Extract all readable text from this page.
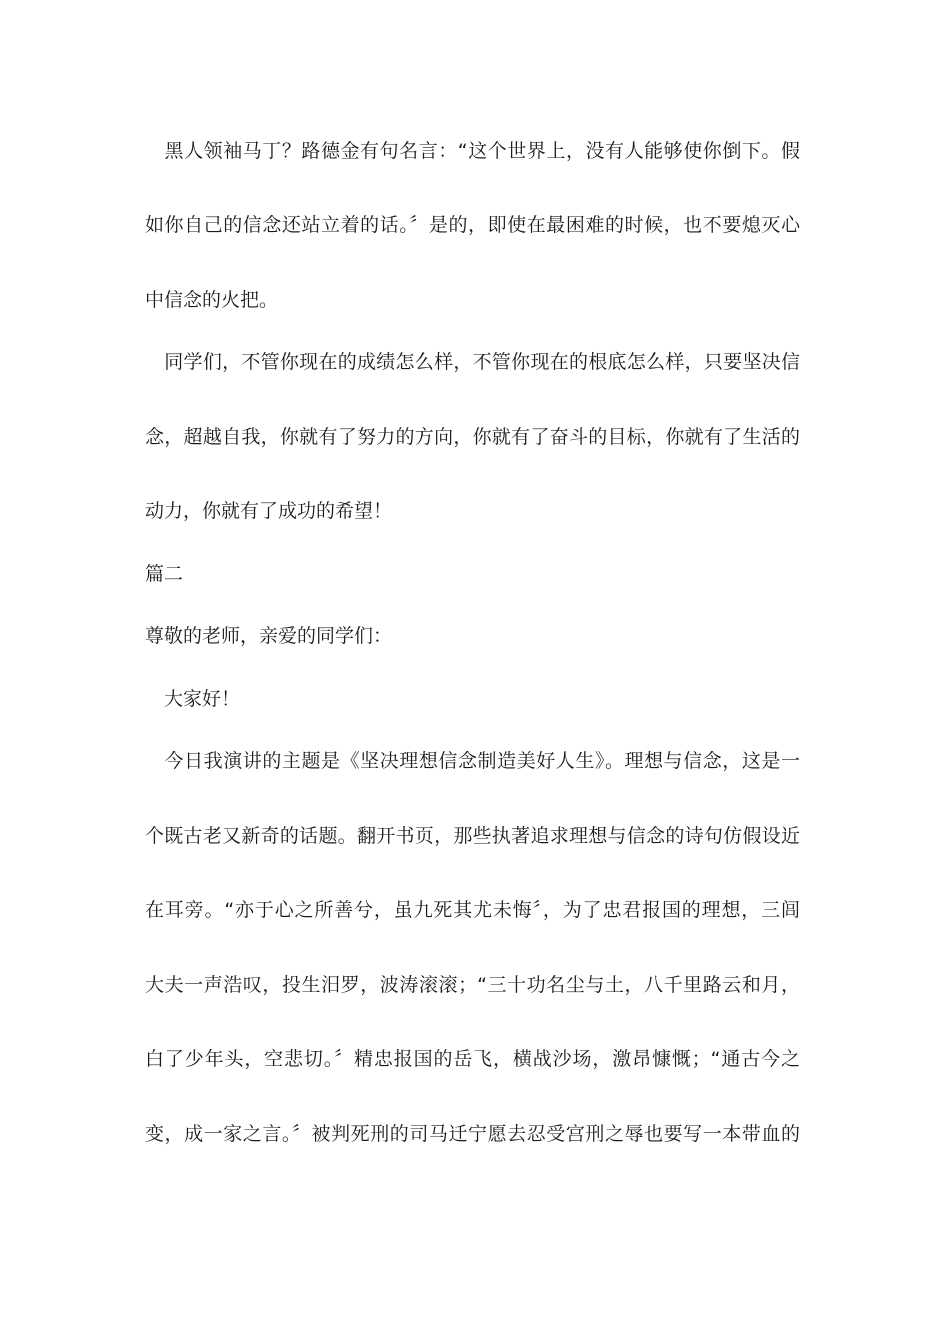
　黑人领袖马丁？路德金有句名言：“这个世界上，没有人能够使你倒下。假
如你自己的信念还站立着的话。〞是的，即使在最困难的时候，也不要熄灭心
中信念的火把。
　同学们，不管你现在的成绩怎么样，不管你现在的根底怎么样，只要坚决信
念，超越自我，你就有了努力的方向，你就有了奋斗的目标，你就有了生活的
动力，你就有了成功的希望！
篇二
尊敬的老师，亲爱的同学们：
　大家好！
　今日我演讲的主题是《坚决理想信念制造美好人生》。理想与信念，这是一
个既古老又新奇的话题。翻开书页，那些执著追求理想与信念的诗句仿假设近
在耳旁。“亦于心之所善兮，虽九死其尤未悔〞，为了忠君报国的理想，三闾
大夫一声浩叹，投生汨罗，波涛滚滚；“三十功名尘与土，八千里路云和月，
白了少年头，空悲切。〞精忠报国的岳飞，横战沙场，激昂慷慨；“通古今之
变，成一家之言。〞被判死刑的司马迁宁愿去忍受宫刑之辱也要写一本带血的
